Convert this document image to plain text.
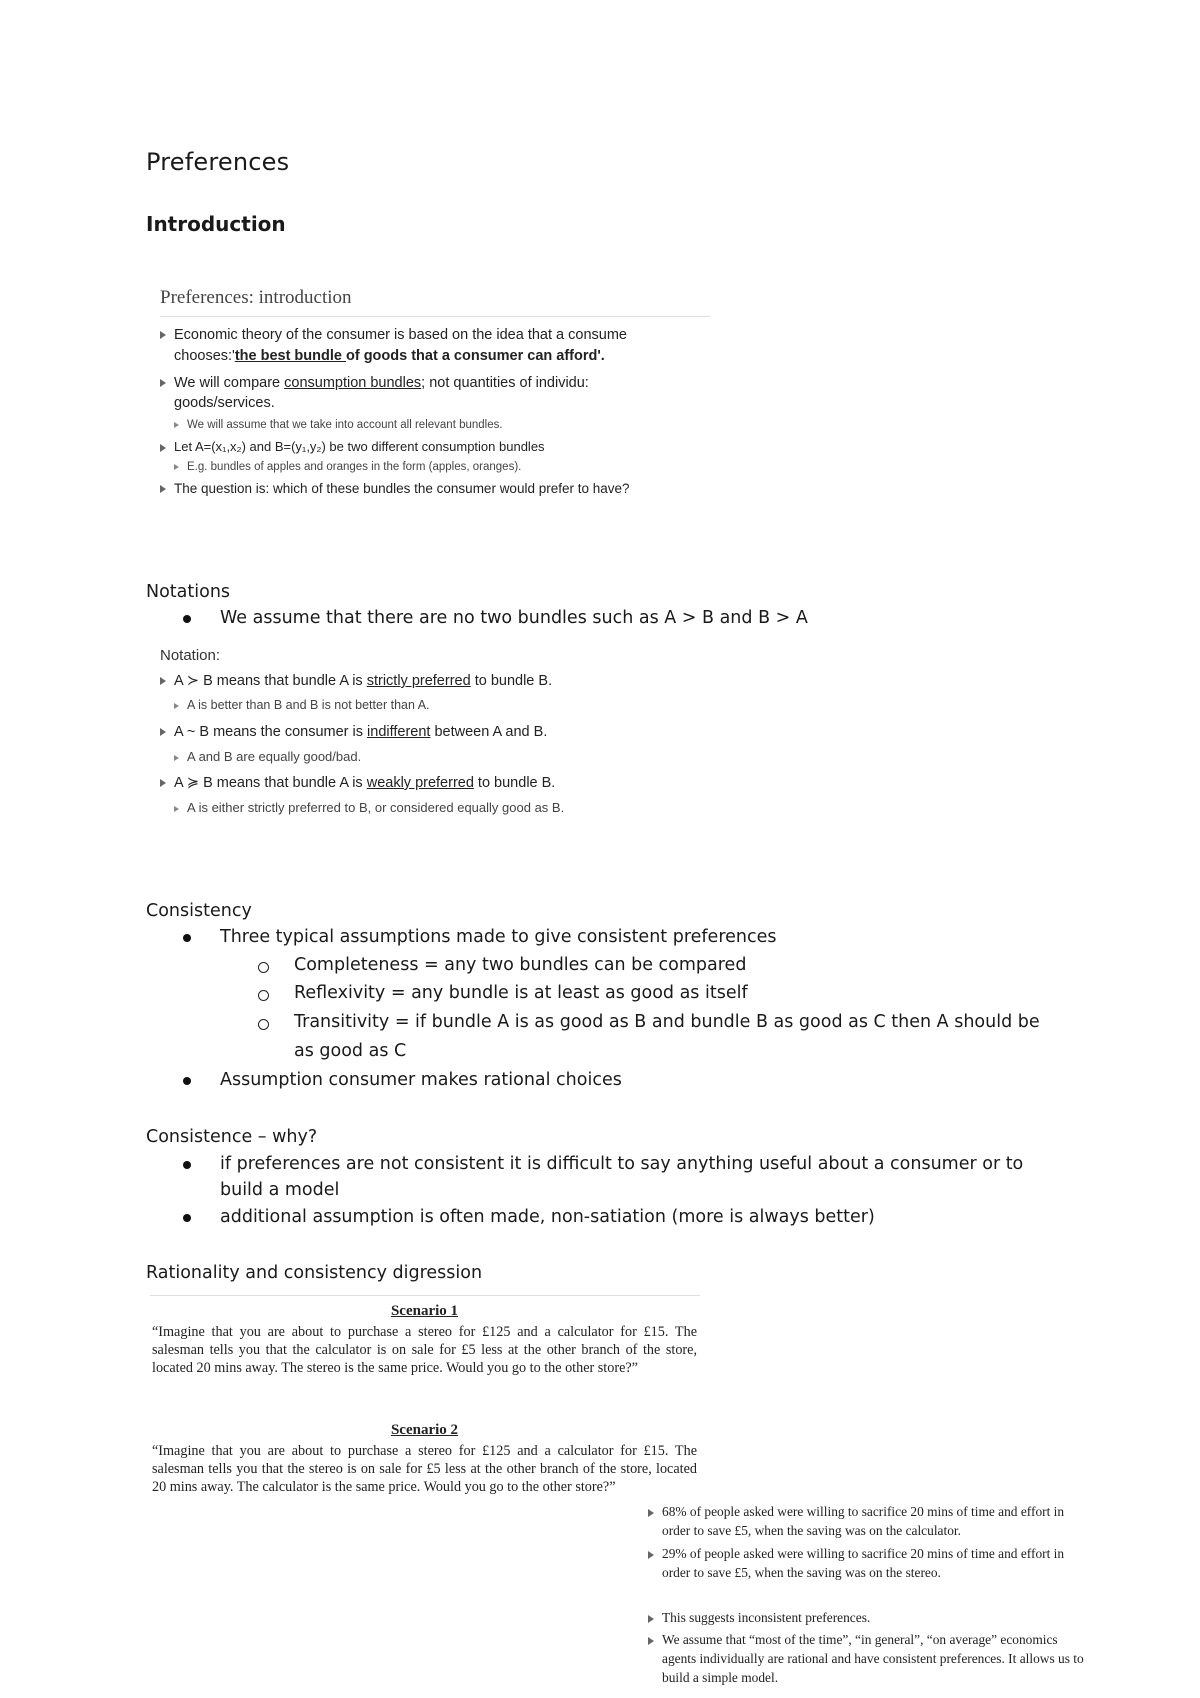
Preferences
Introduction
Preferences: introduction
Economic theory of the consumer is based on the idea that a consume
chooses:'the best bundle of goods that a consumer can afford'.
We will compare consumption bundles; not quantities of individu:
goods/services.
We will assume that we take into account all relevant bundles.
Let A=(x₁,x₂) and B=(y₁,y₂) be two different consumption bundles
E.g. bundles of apples and oranges in the form (apples, oranges).
The question is: which of these bundles the consumer would prefer to have?
Notations
We assume that there are no two bundles such as A > B and B > A
Notation:
A ≻ B means that bundle A is strictly preferred to bundle B.
A is better than B and B is not better than A.
A ~ B means the consumer is indifferent between A and B.
A and B are equally good/bad.
A ≽ B means that bundle A is weakly preferred to bundle B.
A is either strictly preferred to B, or considered equally good as B.
Consistency
Three typical assumptions made to give consistent preferences
Completeness = any two bundles can be compared
Reflexivity = any bundle is at least as good as itself
Transitivity = if bundle A is as good as B and bundle B as good as C then A should be
as good as C
Assumption consumer makes rational choices
Consistence – why?
if preferences are not consistent it is difficult to say anything useful about a consumer or to
build a model
additional assumption is often made, non-satiation (more is always better)
Rationality and consistency digression
Scenario 1
“Imagine that you are about to purchase a stereo for £125 and a calculator for £15. The salesman tells you that the calculator is on sale for £5 less at the other branch of the store, located 20 mins away. The stereo is the same price. Would you go to the other store?”
Scenario 2
“Imagine that you are about to purchase a stereo for £125 and a calculator for £15. The salesman tells you that the stereo is on sale for £5 less at the other branch of the store, located 20 mins away. The calculator is the same price. Would you go to the other store?”
68% of people asked were willing to sacrifice 20 mins of time and effort in
order to save £5, when the saving was on the calculator.
29% of people asked were willing to sacrifice 20 mins of time and effort in
order to save £5, when the saving was on the stereo.
This suggests inconsistent preferences.
We assume that “most of the time”, “in general”, “on average” economics
agents individually are rational and have consistent preferences. It allows us to
build a simple model.
